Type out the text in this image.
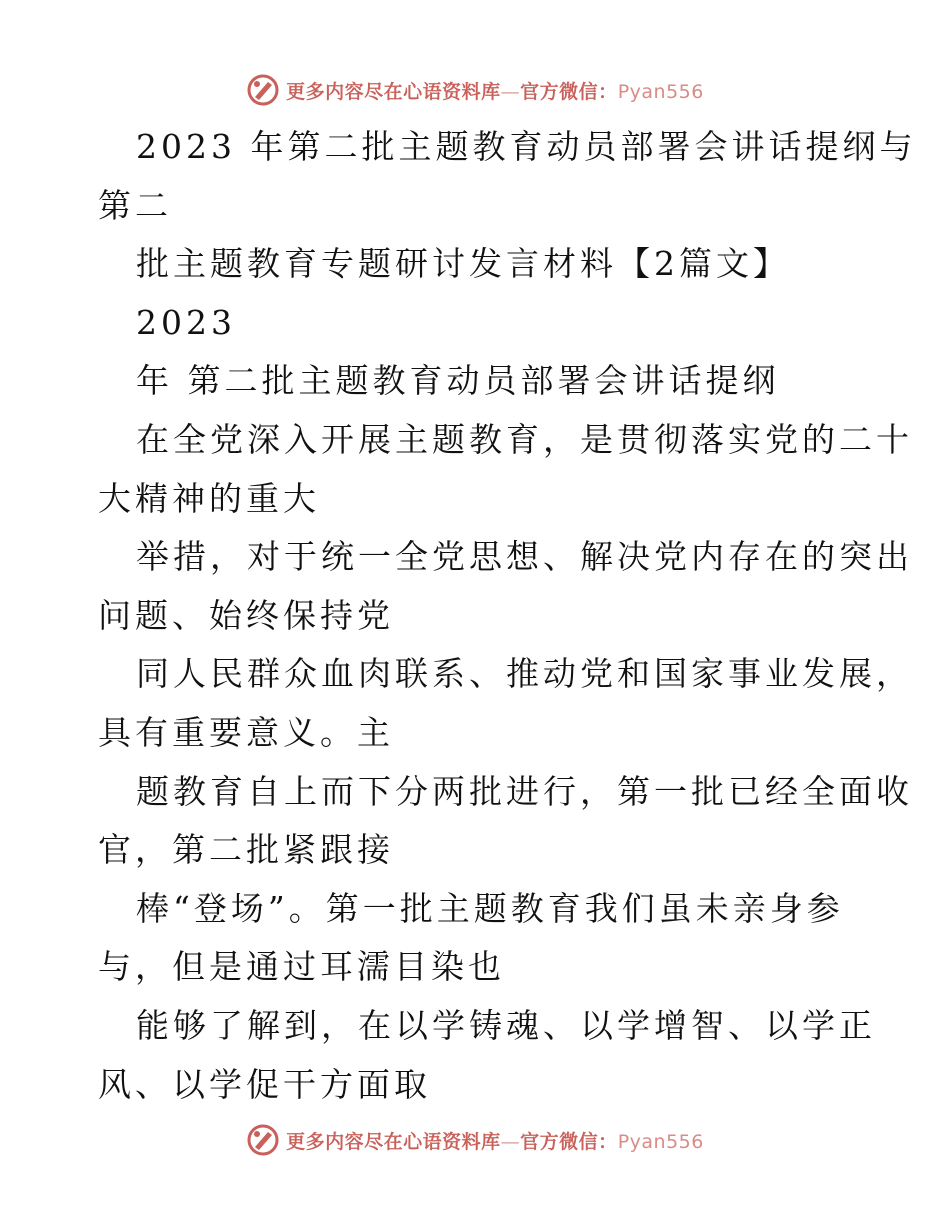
更多内容尽在心语资料库—官方微信：Pyan556
2023 年第二批主题教育动员部署会讲话提纲与
第二
批主题教育专题研讨发言材料【2篇文】
2023
年 第二批主题教育动员部署会讲话提纲
在全党深入开展主题教育，是贯彻落实党的二十
大精神的重大
举措，对于统一全党思想、解决党内存在的突出
问题、始终保持党
同人民群众血肉联系、推动党和国家事业发展，
具有重要意义。主
题教育自上而下分两批进行，第一批已经全面收
官，第二批紧跟接
棒“登场”。第一批主题教育我们虽未亲身参
与，但是通过耳濡目染也
能够了解到，在以学铸魂、以学增智、以学正
风、以学促干方面取
更多内容尽在心语资料库—官方微信：Pyan556
